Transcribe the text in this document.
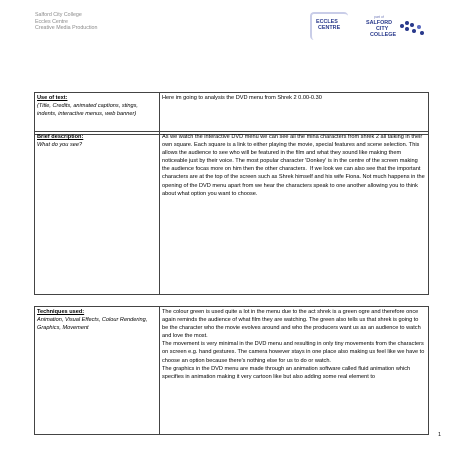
Salford City College
Eccles Centre
Creative Media Production
ECCLES
CENTRE
part of
SALFORD
CITY
COLLEGE
Use of text:
(Title, Credits, animated captions, stings, indents, interactive menus, web banner)

Here im going to analysis the DVD menu from Shrek 2 0.00-0.30
Brief description:
What do you see?

As we watch the interactive DVD menu we can see all the mina characters from shrek 2 all talking in their own square. Each square is a link to either playing the movie, special features and scene selection. This allows the audience to see who will be featured in the film and what they sound like making them noticeable just by their voice. The most popular character 'Donkey' is in the centre of the screen making the audience focas more on him then the other characters.  If we look we can also see that the important characters are at the top of the screen such as Shrek himself and his wife Fiona. Not much happens in the opening of the DVD menu apart from we hear the characters speak to one another allowing you to think about what option you want to choose.
Techniques used:
Animation, Visual Effects, Colour Rendering, Graphics, Movement

The colour green is used quite a lot in the menu due to the act shrek is a green ogre and therefore once again reminds the audience of what film they are watching. The green also tells us that shrek is going to be the character who the movie evolves around and who the producers want us as an audience to watch and love the most.
The movement is very minimal in the DVD menu and resulting in only tiny movements from the characters on screen e.g. hand gestures. The camera however stays in one place also making us feel like we have to choose an option because there's nothing else for us to do or watch.
The graphics in the DVD menu are made through an animation software called fluid animation which specifies in animation making it very cartoon like but also adding some real element to
1
